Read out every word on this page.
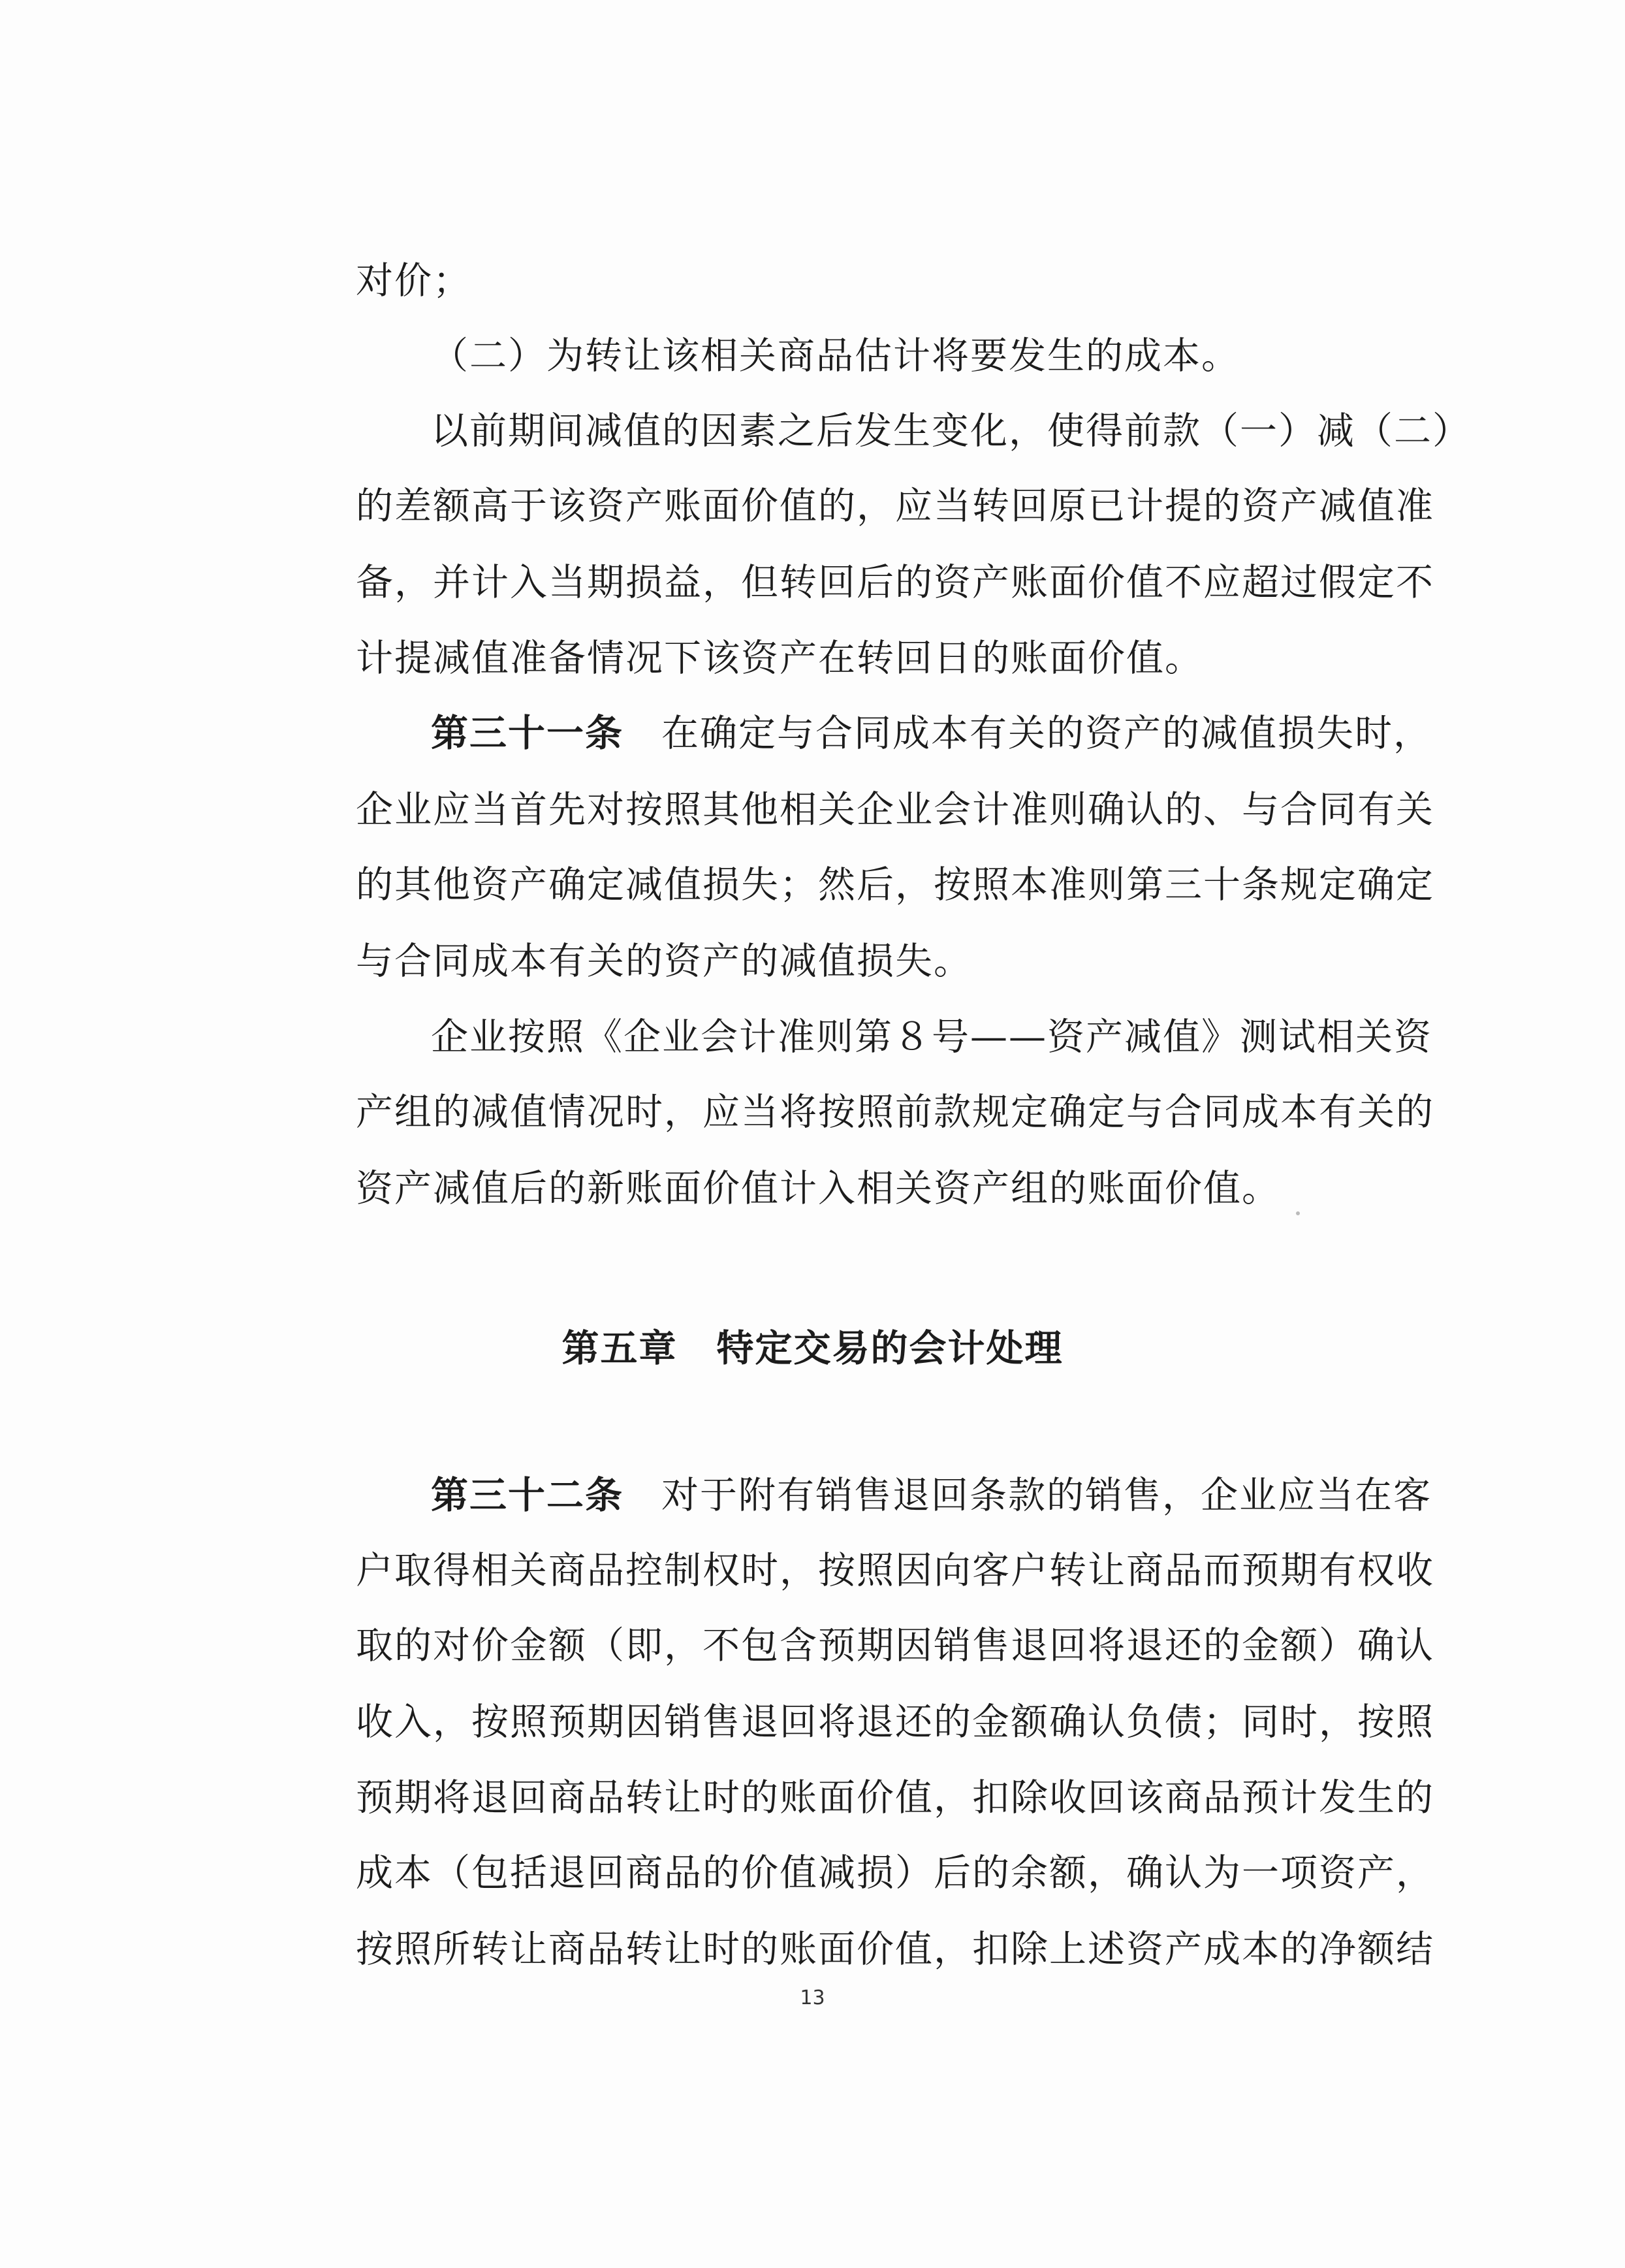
对价；
（二）为转让该相关商品估计将要发生的成本。
以前期间减值的因素之后发生变化，使得前款（一）减（二）
的差额高于该资产账面价值的，应当转回原已计提的资产减值准
备，并计入当期损益，但转回后的资产账面价值不应超过假定不
计提减值准备情况下该资产在转回日的账面价值。
第三十一条 在确定与合同成本有关的资产的减值损失时，
企业应当首先对按照其他相关企业会计准则确认的、与合同有关
的其他资产确定减值损失；然后，按照本准则第三十条规定确定
与合同成本有关的资产的减值损失。
企业按照《企业会计准则第８号——资产减值》测试相关资
产组的减值情况时，应当将按照前款规定确定与合同成本有关的
资产减值后的新账面价值计入相关资产组的账面价值。
第三十二条 对于附有销售退回条款的销售，企业应当在客
户取得相关商品控制权时，按照因向客户转让商品而预期有权收
取的对价金额（即，不包含预期因销售退回将退还的金额）确认
收入，按照预期因销售退回将退还的金额确认负债；同时，按照
预期将退回商品转让时的账面价值，扣除收回该商品预计发生的
成本（包括退回商品的价值减损）后的余额，确认为一项资产，
按照所转让商品转让时的账面价值，扣除上述资产成本的净额结
第五章 特定交易的会计处理
13
